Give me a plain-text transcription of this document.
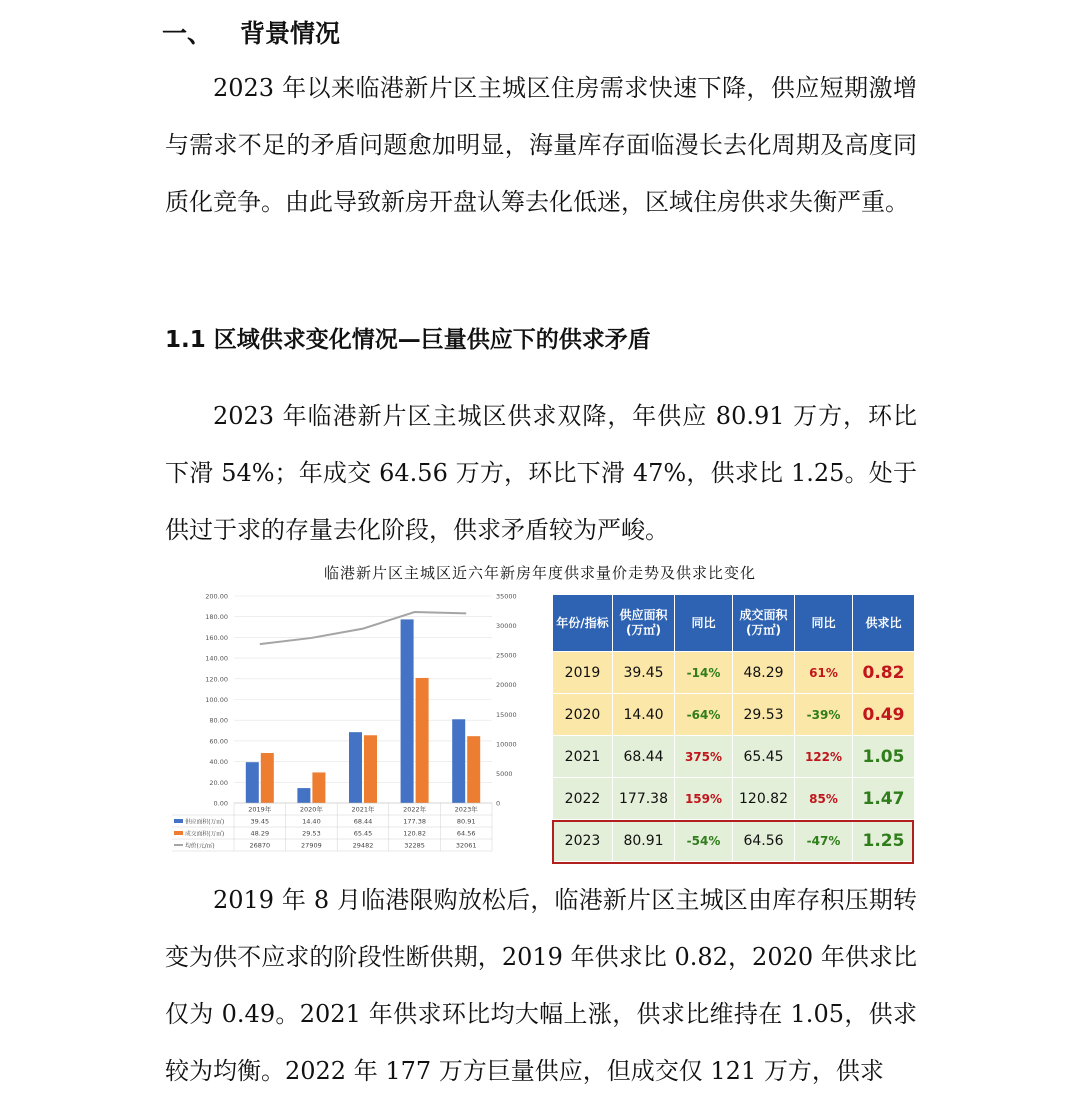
一、 背景情况

2023 年以来临港新片区主城区住房需求快速下降，供应短期激增与需求不足的矛盾问题愈加明显，海量库存面临漫长去化周期及高度同质化竞争。由此导致新房开盘认筹去化低迷，区域住房供求失衡严重。

1.1 区域供求变化情况—巨量供应下的供求矛盾

2023 年临港新片区主城区供求双降，年供应 80.91 万方，环比下滑 54%；年成交 64.56 万方，环比下滑 47%，供求比 1.25。处于供过于求的存量去化阶段，供求矛盾较为严峻。

临港新片区主城区近六年新房年度供求量价走势及供求比变化
0.00
20.00
40.00
60.00
80.00
100.00
120.00
140.00
160.00
180.00
200.00
0
5000
10000
15000
20000
25000
30000
35000
2019年	2020年	2021年	2022年	2023年
供应面积(万㎡)	39.45	14.40	68.44	177.38	80.91
成交面积(万㎡)	48.29	29.53	65.45	120.82	64.56
均价(元/㎡)	26870	27909	29482	32285	32061
年份/指标	供应面积(万㎡)	同比	成交面积(万㎡)	同比	供求比
2019	39.45	-14%	48.29	61%	0.82
2020	14.40	-64%	29.53	-39%	0.49
2021	68.44	375%	65.45	122%	1.05
2022	177.38	159%	120.82	85%	1.47
2023	80.91	-54%	64.56	-47%	1.25

2019 年 8 月临港限购放松后，临港新片区主城区由库存积压期转变为供不应求的阶段性断供期，2019 年供求比 0.82，2020 年供求比仅为 0.49。2021 年供求环比均大幅上涨，供求比维持在 1.05，供求较为均衡。2022 年 177 万方巨量供应，但成交仅 121 万方，供求
